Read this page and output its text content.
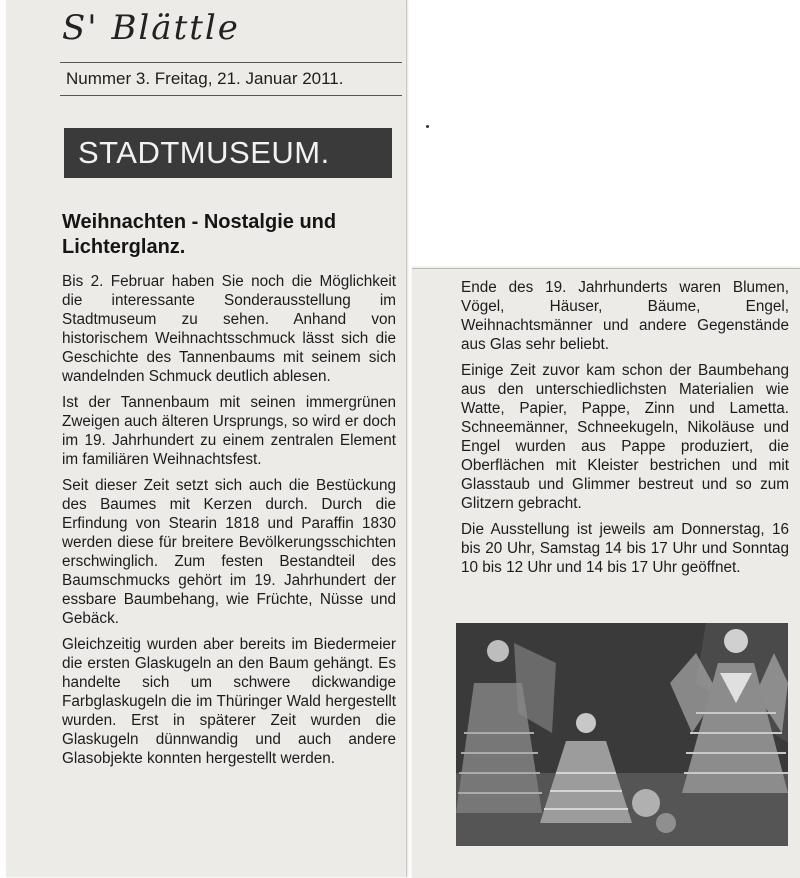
S' Blättle
Nummer 3. Freitag, 21. Januar 2011.
STADTMUSEUM.
Weihnachten - Nostalgie und
Lichterglanz.

Bis 2. Februar haben Sie noch die Möglichkeit die interessante Sonderausstellung im Stadtmuseum zu sehen. Anhand von historischem Weihnachtsschmuck lässt sich die Geschichte des Tannenbaums mit seinem sich wandelnden Schmuck deutlich ablesen.

Ist der Tannenbaum mit seinen immergrünen Zweigen auch älteren Ursprungs, so wird er doch im 19. Jahrhundert zu einem zentralen Element im familiären Weihnachtsfest.

Seit dieser Zeit setzt sich auch die Bestückung des Baumes mit Kerzen durch. Durch die Erfindung von Stearin 1818 und Paraffin 1830 werden diese für breitere Bevölkerungsschichten erschwinglich. Zum festen Bestandteil des Baumschmucks gehört im 19. Jahrhundert der essbare Baumbehang, wie Früchte, Nüsse und Gebäck.

Gleichzeitig wurden aber bereits im Biedermeier die ersten Glaskugeln an den Baum gehängt. Es handelte sich um schwere dickwandige Farbglaskugeln die im Thüringer Wald hergestellt wurden. Erst in späterer Zeit wurden die Glaskugeln dünnwandig und auch andere Glasobjekte konnten hergestellt werden.

Ende des 19. Jahrhunderts waren Blumen, Vögel, Häuser, Bäume, Engel, Weihnachtsmänner und andere Gegenstände aus Glas sehr beliebt.

Einige Zeit zuvor kam schon der Baumbehang aus den unterschiedlichsten Materialien wie Watte, Papier, Pappe, Zinn und Lametta. Schneemänner, Schneekugeln, Nikoläuse und Engel wurden aus Pappe produziert, die Oberflächen mit Kleister bestrichen und mit Glasstaub und Glimmer bestreut und so zum Glitzern gebracht.

Die Ausstellung ist jeweils am Donnerstag, 16 bis 20 Uhr, Samstag 14 bis 17 Uhr und Sonntag 10 bis 12 Uhr und 14 bis 17 Uhr geöffnet.
